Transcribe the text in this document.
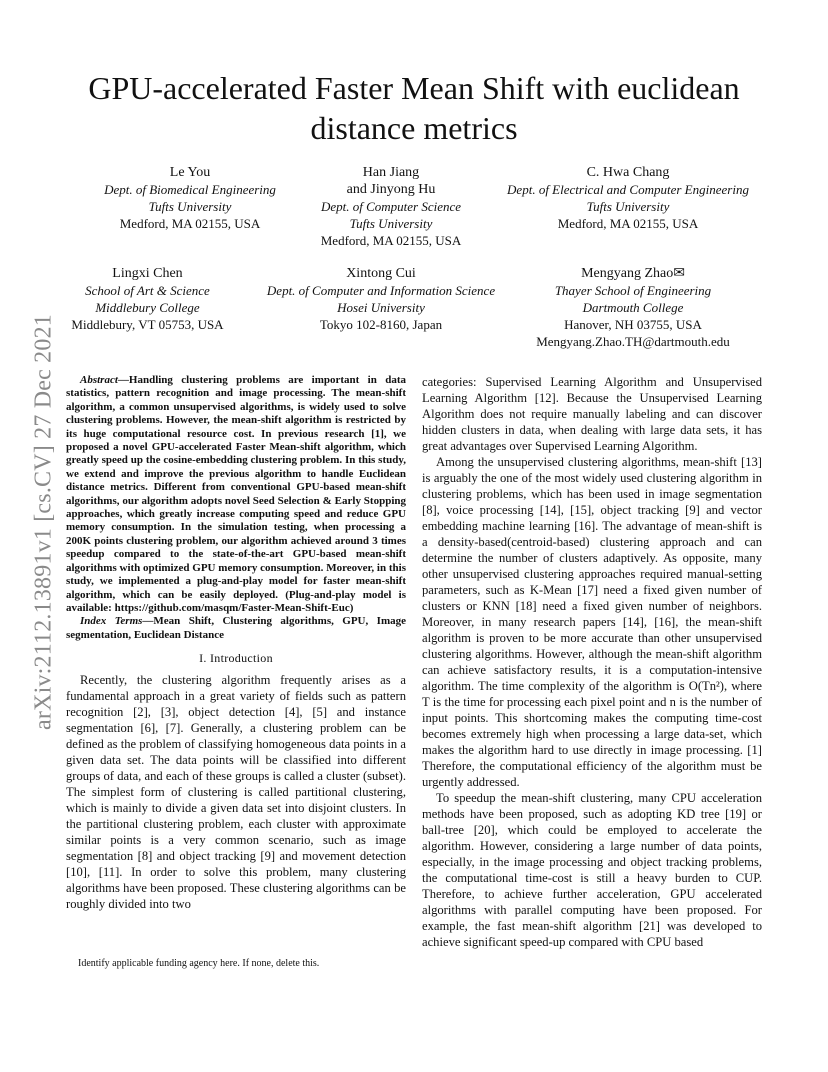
arXiv:2112.13891v1 [cs.CV] 27 Dec 2021
GPU-accelerated Faster Mean Shift with euclidean distance metrics
Le You
Dept. of Biomedical Engineering
Tufts University
Medford, MA 02155, USA
Han Jiang
and Jinyong Hu
Dept. of Computer Science
Tufts University
Medford, MA 02155, USA
C. Hwa Chang
Dept. of Electrical and Computer Engineering
Tufts University
Medford, MA 02155, USA
Lingxi Chen
School of Art & Science
Middlebury College
Middlebury, VT 05753, USA
Xintong Cui
Dept. of Computer and Information Science
Hosei University
Tokyo 102-8160, Japan
Mengyang Zhao✉
Thayer School of Engineering
Dartmouth College
Hanover, NH 03755, USA
Mengyang.Zhao.TH@dartmouth.edu

Abstract—Handling clustering problems are important in data statistics, pattern recognition and image processing. The mean-shift algorithm, a common unsupervised algorithms, is widely used to solve clustering problems. However, the mean-shift algorithm is restricted by its huge computational resource cost. In previous research [1], we proposed a novel GPU-accelerated Faster Mean-shift algorithm, which greatly speed up the cosine-embedding clustering problem. In this study, we extend and improve the previous algorithm to handle Euclidean distance metrics. Different from conventional GPU-based mean-shift algorithms, our algorithm adopts novel Seed Selection & Early Stopping approaches, which greatly increase computing speed and reduce GPU memory consumption. In the simulation testing, when processing a 200K points clustering problem, our algorithm achieved around 3 times speedup compared to the state-of-the-art GPU-based mean-shift algorithms with optimized GPU memory consumption. Moreover, in this study, we implemented a plug-and-play model for faster mean-shift algorithm, which can be easily deployed. (Plug-and-play model is available: https://github.com/masqm/Faster-Mean-Shift-Euc)

Index Terms—Mean Shift, Clustering algorithms, GPU, Image segmentation, Euclidean Distance

I. Introduction

Recently, the clustering algorithm frequently arises as a fundamental approach in a great variety of fields such as pattern recognition [2], [3], object detection [4], [5] and instance segmentation [6], [7]. Generally, a clustering problem can be defined as the problem of classifying homogeneous data points in a given data set. The data points will be classified into different groups of data, and each of these groups is called a cluster (subset). The simplest form of clustering is called partitional clustering, which is mainly to divide a given data set into disjoint clusters. In the partitional clustering problem, each cluster with approximate similar points is a very common scenario, such as image segmentation [8] and object tracking [9] and movement detection [10], [11]. In order to solve this problem, many clustering algorithms have been proposed. These clustering algorithms can be roughly divided into two

categories: Supervised Learning Algorithm and Unsupervised Learning Algorithm [12]. Because the Unsupervised Learning Algorithm does not require manually labeling and can discover hidden clusters in data, when dealing with large data sets, it has great advantages over Supervised Learning Algorithm.

Among the unsupervised clustering algorithms, mean-shift [13] is arguably the one of the most widely used clustering algorithm in clustering problems, which has been used in image segmentation [8], voice processing [14], [15], object tracking [9] and vector embedding machine learning [16]. The advantage of mean-shift is a density-based(centroid-based) clustering approach and can determine the number of clusters adaptively. As opposite, many other unsupervised clustering approaches required manual-setting parameters, such as K-Mean [17] need a fixed given number of clusters or KNN [18] need a fixed given number of neighbors. Moreover, in many research papers [14], [16], the mean-shift algorithm is proven to be more accurate than other unsupervised clustering algorithms. However, although the mean-shift algorithm can achieve satisfactory results, it is a computation-intensive algorithm. The time complexity of the algorithm is O(Tn²), where T is the time for processing each pixel point and n is the number of input points. This shortcoming makes the computing time-cost becomes extremely high when processing a large data-set, which makes the algorithm hard to use directly in image processing. [1] Therefore, the computational efficiency of the algorithm must be urgently addressed.

To speedup the mean-shift clustering, many CPU acceleration methods have been proposed, such as adopting KD tree [19] or ball-tree [20], which could be employed to accelerate the algorithm. However, considering a large number of data points, especially, in the image processing and object tracking problems, the computational time-cost is still a heavy burden to CUP. Therefore, to achieve further acceleration, GPU accelerated algorithms with parallel computing have been proposed. For example, the fast mean-shift algorithm [21] was developed to achieve significant speed-up compared with CPU based

Identify applicable funding agency here. If none, delete this.
